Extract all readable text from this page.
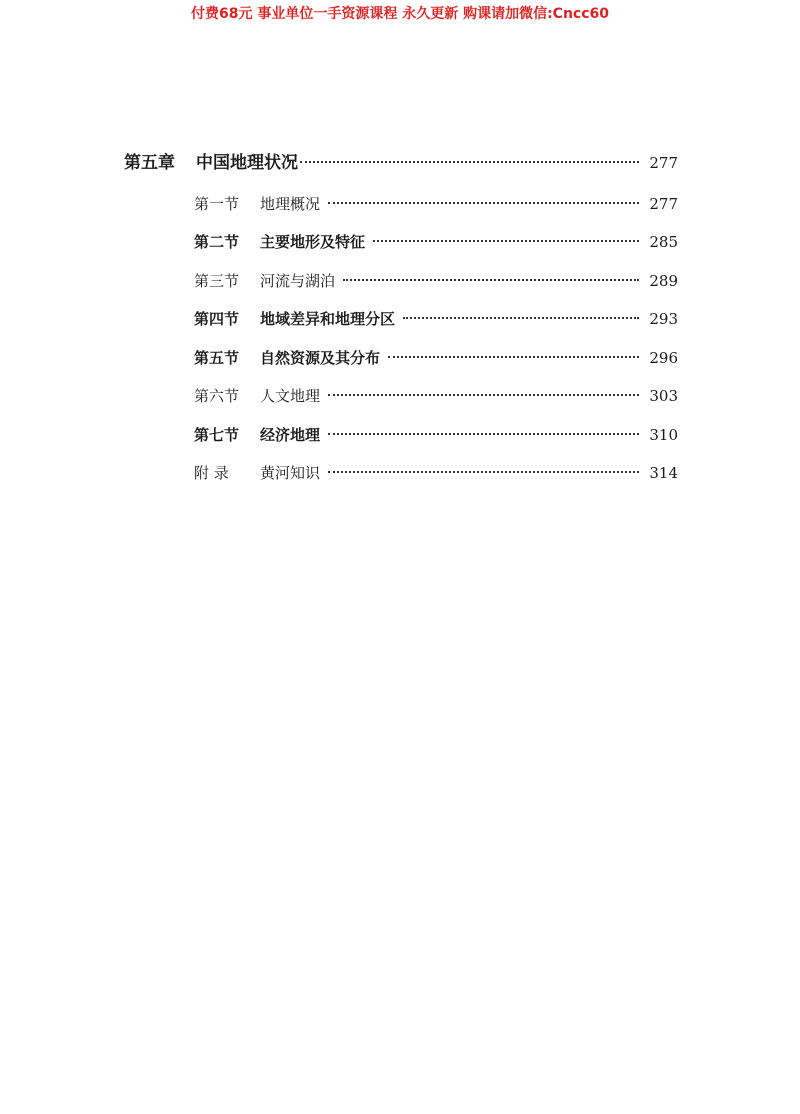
付费68元 事业单位一手资源课程 永久更新 购课请加微信:Cncc60
第五章	中国地理状况	277
第一节	地理概况	277
第二节	主要地形及特征	285
第三节	河流与湖泊	289
第四节	地域差异和地理分区	293
第五节	自然资源及其分布	296
第六节	人文地理	303
第七节	经济地理	310
附 录	黄河知识	314
